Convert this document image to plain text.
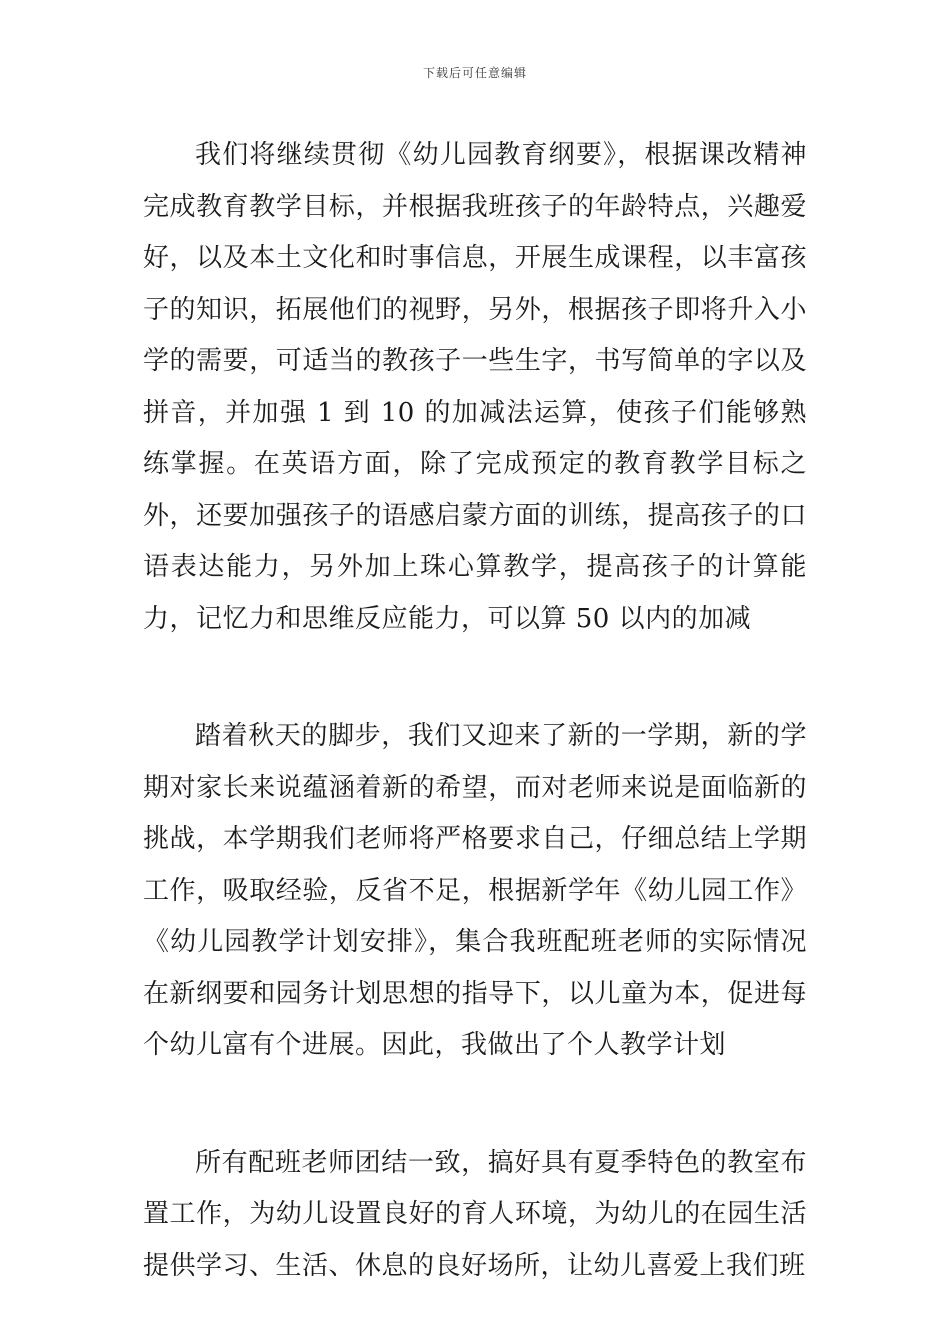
下载后可任意编辑

我们将继续贯彻《幼儿园教育纲要》，根据课改精神完成教育教学目标，并根据我班孩子的年龄特点，兴趣爱好，以及本土文化和时事信息，开展生成课程，以丰富孩子的知识，拓展他们的视野，另外，根据孩子即将升入小学的需要，可适当的教孩子一些生字，书写简单的字以及拼音，并加强 1 到 10 的加减法运算，使孩子们能够熟练掌握。在英语方面，除了完成预定的教育教学目标之外，还要加强孩子的语感启蒙方面的训练，提高孩子的口语表达能力，另外加上珠心算教学，提高孩子的计算能力，记忆力和思维反应能力，可以算 50 以内的加减

踏着秋天的脚步，我们又迎来了新的一学期，新的学期对家长来说蕴涵着新的希望，而对老师来说是面临新的挑战，本学期我们老师将严格要求自己，仔细总结上学期工作，吸取经验，反省不足，根据新学年《幼儿园工作》《幼儿园教学计划安排》，集合我班配班老师的实际情况在新纲要和园务计划思想的指导下，以儿童为本，促进每个幼儿富有个进展。因此，我做出了个人教学计划

所有配班老师团结一致，搞好具有夏季特色的教室布置工作，为幼儿设置良好的育人环境，为幼儿的在园生活提供学习、生活、休息的良好场所，让幼儿喜爱上我们班
